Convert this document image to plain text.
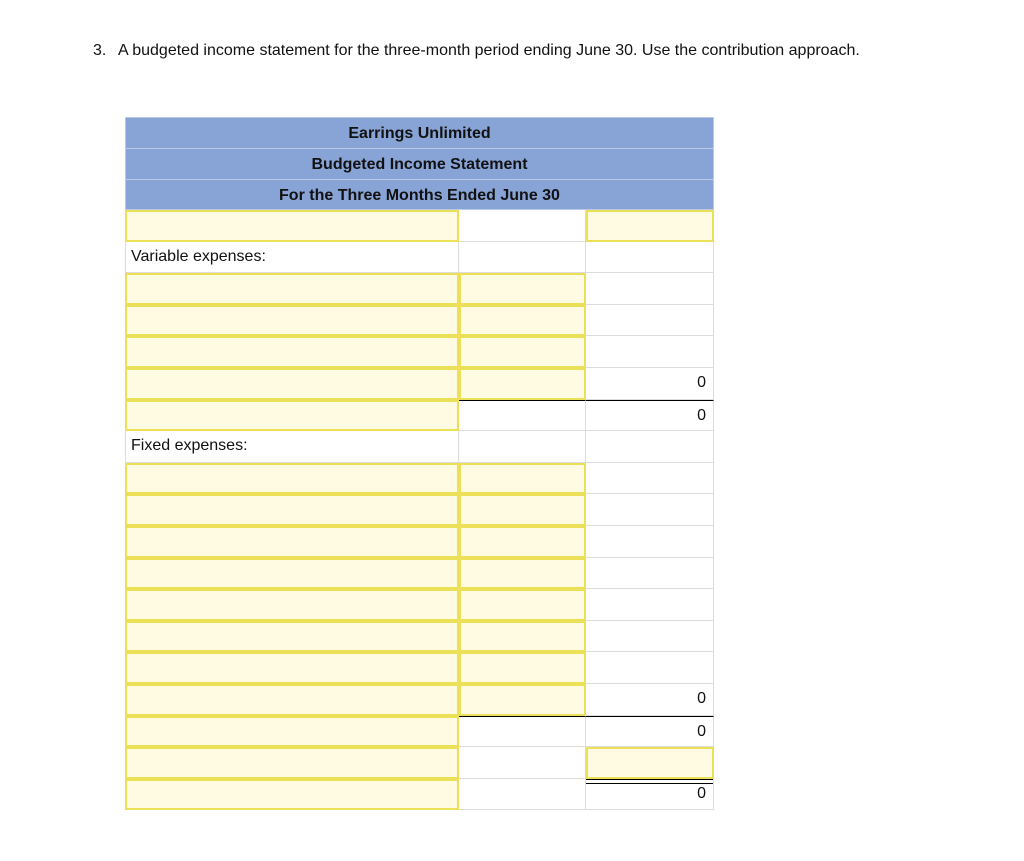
3. A budgeted income statement for the three-month period ending June 30. Use the contribution approach.
Earrings Unlimited
Budgeted Income Statement
For the Three Months Ended June 30
Variable expenses:
0
0
Fixed expenses:
0
0
0
